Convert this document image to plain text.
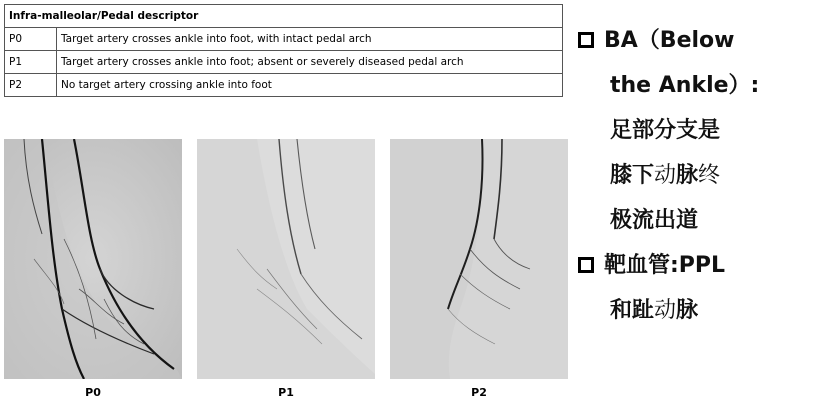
Infra-malleolar/Pedal descriptor	
P0	Target artery crosses ankle into foot, with intact pedal arch
P1	Target artery crosses ankle into foot; absent or severely diseased pedal arch
P2	No target artery crossing ankle into foot
P0	P1	P2
BA（Below
the Ankle）:
足部分支是
膝下动脉终
极流出道
靶血管:PPL
和趾动脉
